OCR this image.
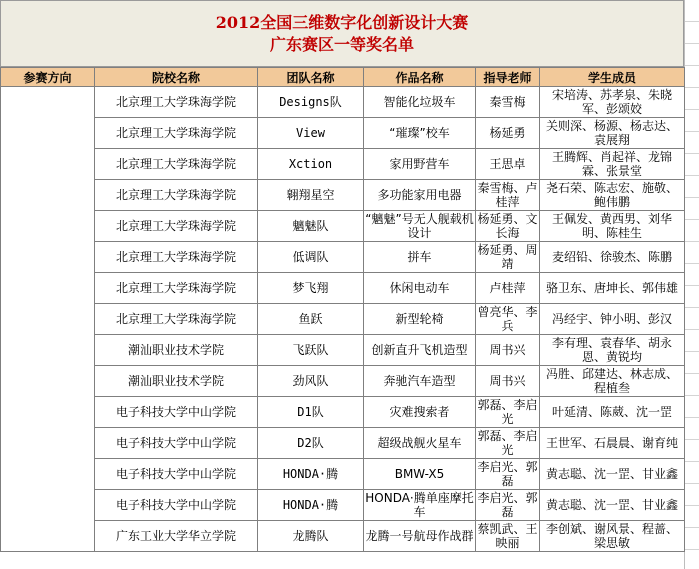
2012全国三维数字化创新设计大赛
广东赛区一等奖名单
参赛方向	院校名称	团队名称	作品名称	指导老师	学生成员
	北京理工大学珠海学院	Designs队	智能化垃圾车	秦雪梅	宋培涛、苏孝泉、朱晓军、彭颂姣
	北京理工大学珠海学院	View	“璀璨”校车	杨延勇	关则深、杨源、杨志达、袁展翔
	北京理工大学珠海学院	Xction	家用野营车	王思卓	王腾辉、肖起祥、龙锦霖、张景堂
	北京理工大学珠海学院	翱翔星空	多功能家用电器	秦雪梅、卢桂萍	尧石荣、陈志宏、施敬、鲍伟鹏
	北京理工大学珠海学院	魑魅队	“魑魅”号无人舰载机设计	杨延勇、文长海	王佩发、黄西男、刘华明、陈桂生
	北京理工大学珠海学院	低调队	拼车	杨延勇、周靖	麦绍铅、徐骏杰、陈鹏
	北京理工大学珠海学院	梦飞翔	休闲电动车	卢桂萍	骆卫东、唐坤长、郭伟雄
	北京理工大学珠海学院	鱼跃	新型轮椅	曾亮华、李兵	冯经宇、钟小明、彭汉
	潮汕职业技术学院	飞跃队	创新直升飞机造型	周书兴	李有理、袁春华、胡永恩、黄锐均
	潮汕职业技术学院	劲风队	奔驰汽车造型	周书兴	冯胜、邱建达、林志成、程植叁
	电子科技大学中山学院	D1队	灾难搜索者	郭磊、李启光	叶延清、陈葳、沈一罡
	电子科技大学中山学院	D2队	超级战舰火星车	郭磊、李启光	王世军、石晨晨、谢育纯
	电子科技大学中山学院	HONDA·腾	BMW-X5	李启光、郭磊	黄志聪、沈一罡、甘业鑫
	电子科技大学中山学院	HONDA·腾	HONDA·腾单座摩托车	李启光、郭磊	黄志聪、沈一罡、甘业鑫
	广东工业大学华立学院	龙腾队	龙腾一号航母作战群	蔡凯武、王映丽	李创斌、谢风景、程蔷、梁思敏
